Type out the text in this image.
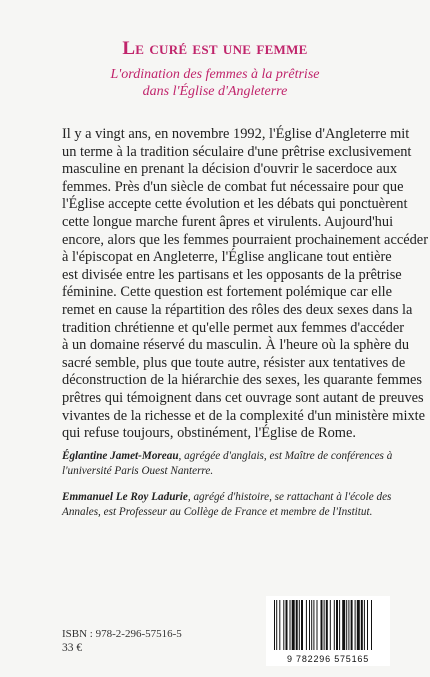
Le curé est une femme
L'ordination des femmes à la prêtrise
dans l'Église d'Angleterre
Il y a vingt ans, en novembre 1992, l'Église d'Angleterre mit
un terme à la tradition séculaire d'une prêtrise exclusivement
masculine en prenant la décision d'ouvrir le sacerdoce aux
femmes. Près d'un siècle de combat fut nécessaire pour que
l'Église accepte cette évolution et les débats qui ponctuèrent
cette longue marche furent âpres et virulents. Aujourd'hui
encore, alors que les femmes pourraient prochainement accéder
à l'épiscopat en Angleterre, l'Église anglicane tout entière
est divisée entre les partisans et les opposants de la prêtrise
féminine. Cette question est fortement polémique car elle
remet en cause la répartition des rôles des deux sexes dans la
tradition chrétienne et qu'elle permet aux femmes d'accéder
à un domaine réservé du masculin. À l'heure où la sphère du
sacré semble, plus que toute autre, résister aux tentatives de
déconstruction de la hiérarchie des sexes, les quarante femmes
prêtres qui témoignent dans cet ouvrage sont autant de preuves
vivantes de la richesse et de la complexité d'un ministère mixte
qui refuse toujours, obstinément, l'Église de Rome.
Églantine Jamet-Moreau, agrégée d'anglais, est Maître de conférences à
l'université Paris Ouest Nanterre.
Emmanuel Le Roy Ladurie, agrégé d'histoire, se rattachant à l'école des
Annales, est Professeur au Collège de France et membre de l'Institut.
ISBN : 978-2-296-57516-5
33 €
9 782296 575165
